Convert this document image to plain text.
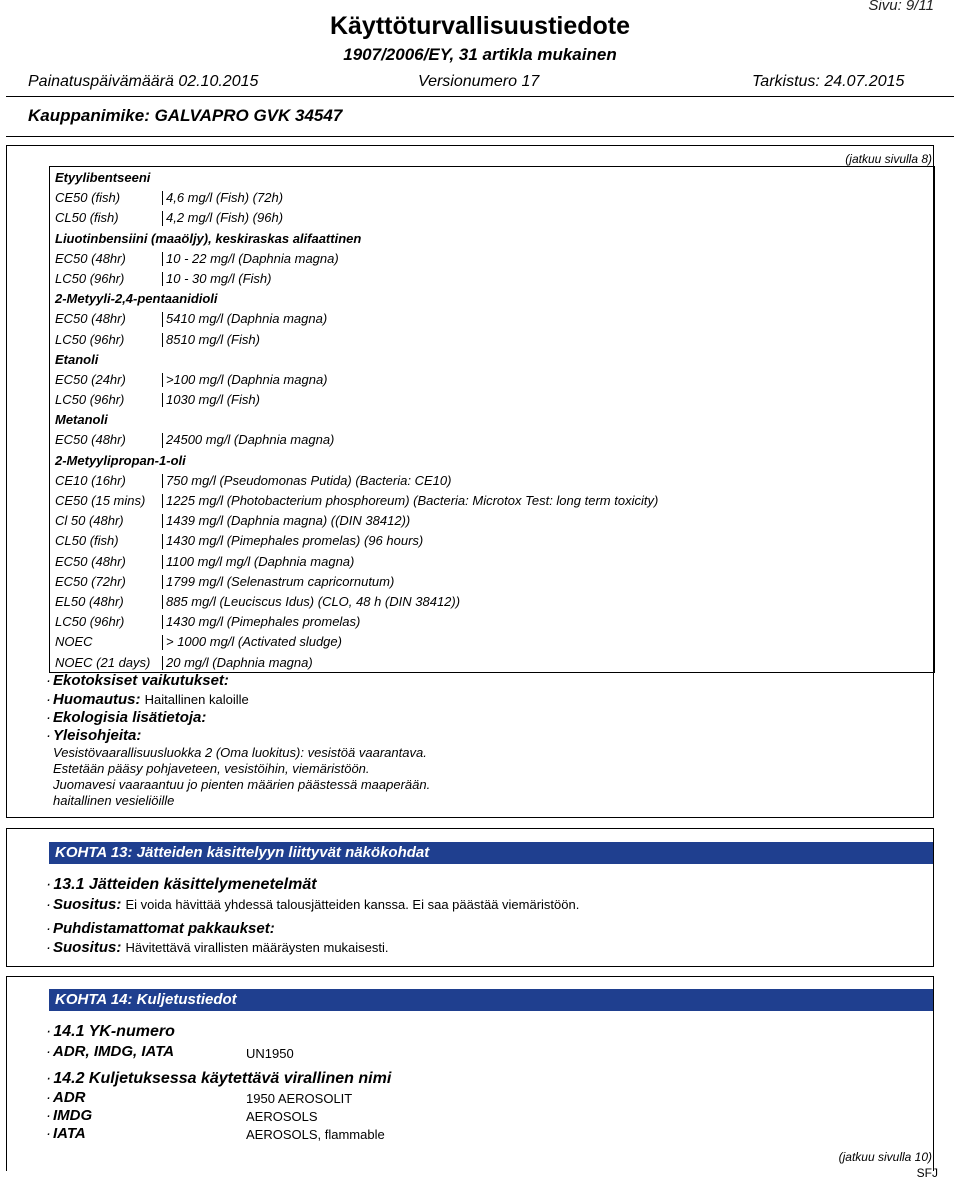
Sivu: 9/11
Käyttöturvallisuustiedote
1907/2006/EY, 31 artikla mukainen
Painatuspäivämäärä 02.10.2015	Versionumero 17	Tarkistus: 24.07.2015
Kauppanimike: GALVAPRO GVK 34547
(jatkuu sivulla 8)
Etyylibentseeni
CE50 (fish)	4,6 mg/l (Fish) (72h)
CL50 (fish)	4,2 mg/l (Fish) (96h)
Liuotinbensiini (maaöljy), keskiraskas alifaattinen
EC50 (48hr)	10 - 22 mg/l (Daphnia magna)
LC50 (96hr)	10 - 30 mg/l (Fish)
2-Metyyli-2,4-pentaanidioli
EC50 (48hr)	5410 mg/l (Daphnia magna)
LC50 (96hr)	8510 mg/l (Fish)
Etanoli
EC50 (24hr)	>100 mg/l (Daphnia magna)
LC50 (96hr)	1030 mg/l (Fish)
Metanoli
EC50 (48hr)	24500 mg/l (Daphnia magna)
2-Metyylipropan-1-oli
CE10 (16hr)	750 mg/l (Pseudomonas Putida) (Bacteria: CE10)
CE50 (15 mins) 1225 mg/l (Photobacterium phosphoreum) (Bacteria: Microtox Test: long term toxicity)
Cl 50 (48hr)	1439 mg/l (Daphnia magna) ((DIN 38412))
CL50 (fish)	1430 mg/l (Pimephales promelas) (96 hours)
EC50 (48hr)	1100 mg/l mg/l (Daphnia magna)
EC50 (72hr)	1799 mg/l (Selenastrum capricornutum)
EL50 (48hr)	885 mg/l (Leuciscus Idus) (CLO, 48 h (DIN 38412))
LC50 (96hr)	1430 mg/l (Pimephales promelas)
NOEC	> 1000 mg/l (Activated sludge)
NOEC (21 days) 20 mg/l (Daphnia magna)
· Ekotoksiset vaikutukset:
· Huomautus: Haitallinen kaloille
· Ekologisia lisätietoja:
· Yleisohjeita:
Vesistövaarallisuusluokka 2 (Oma luokitus): vesistöä vaarantava.
Estetään pääsy pohjaveteen, vesistöihin, viemäristöön.
Juomavesi vaaraantuu jo pienten määrien päästessä maaperään.
haitallinen vesieliöille
KOHTA 13: Jätteiden käsittelyyn liittyvät näkökohdat
· 13.1 Jätteiden käsittelymenetelmät
· Suositus: Ei voida hävittää yhdessä talousjätteiden kanssa. Ei saa päästää viemäristöön.
· Puhdistamattomat pakkaukset:
· Suositus: Hävitettävä virallisten määräysten mukaisesti.
KOHTA 14: Kuljetustiedot
· 14.1 YK-numero
· ADR, IMDG, IATA	UN1950
· 14.2 Kuljetuksessa käytettävä virallinen nimi
· ADR	1950 AEROSOLIT
· IMDG	AEROSOLS
· IATA	AEROSOLS, flammable
(jatkuu sivulla 10)
SFJ
